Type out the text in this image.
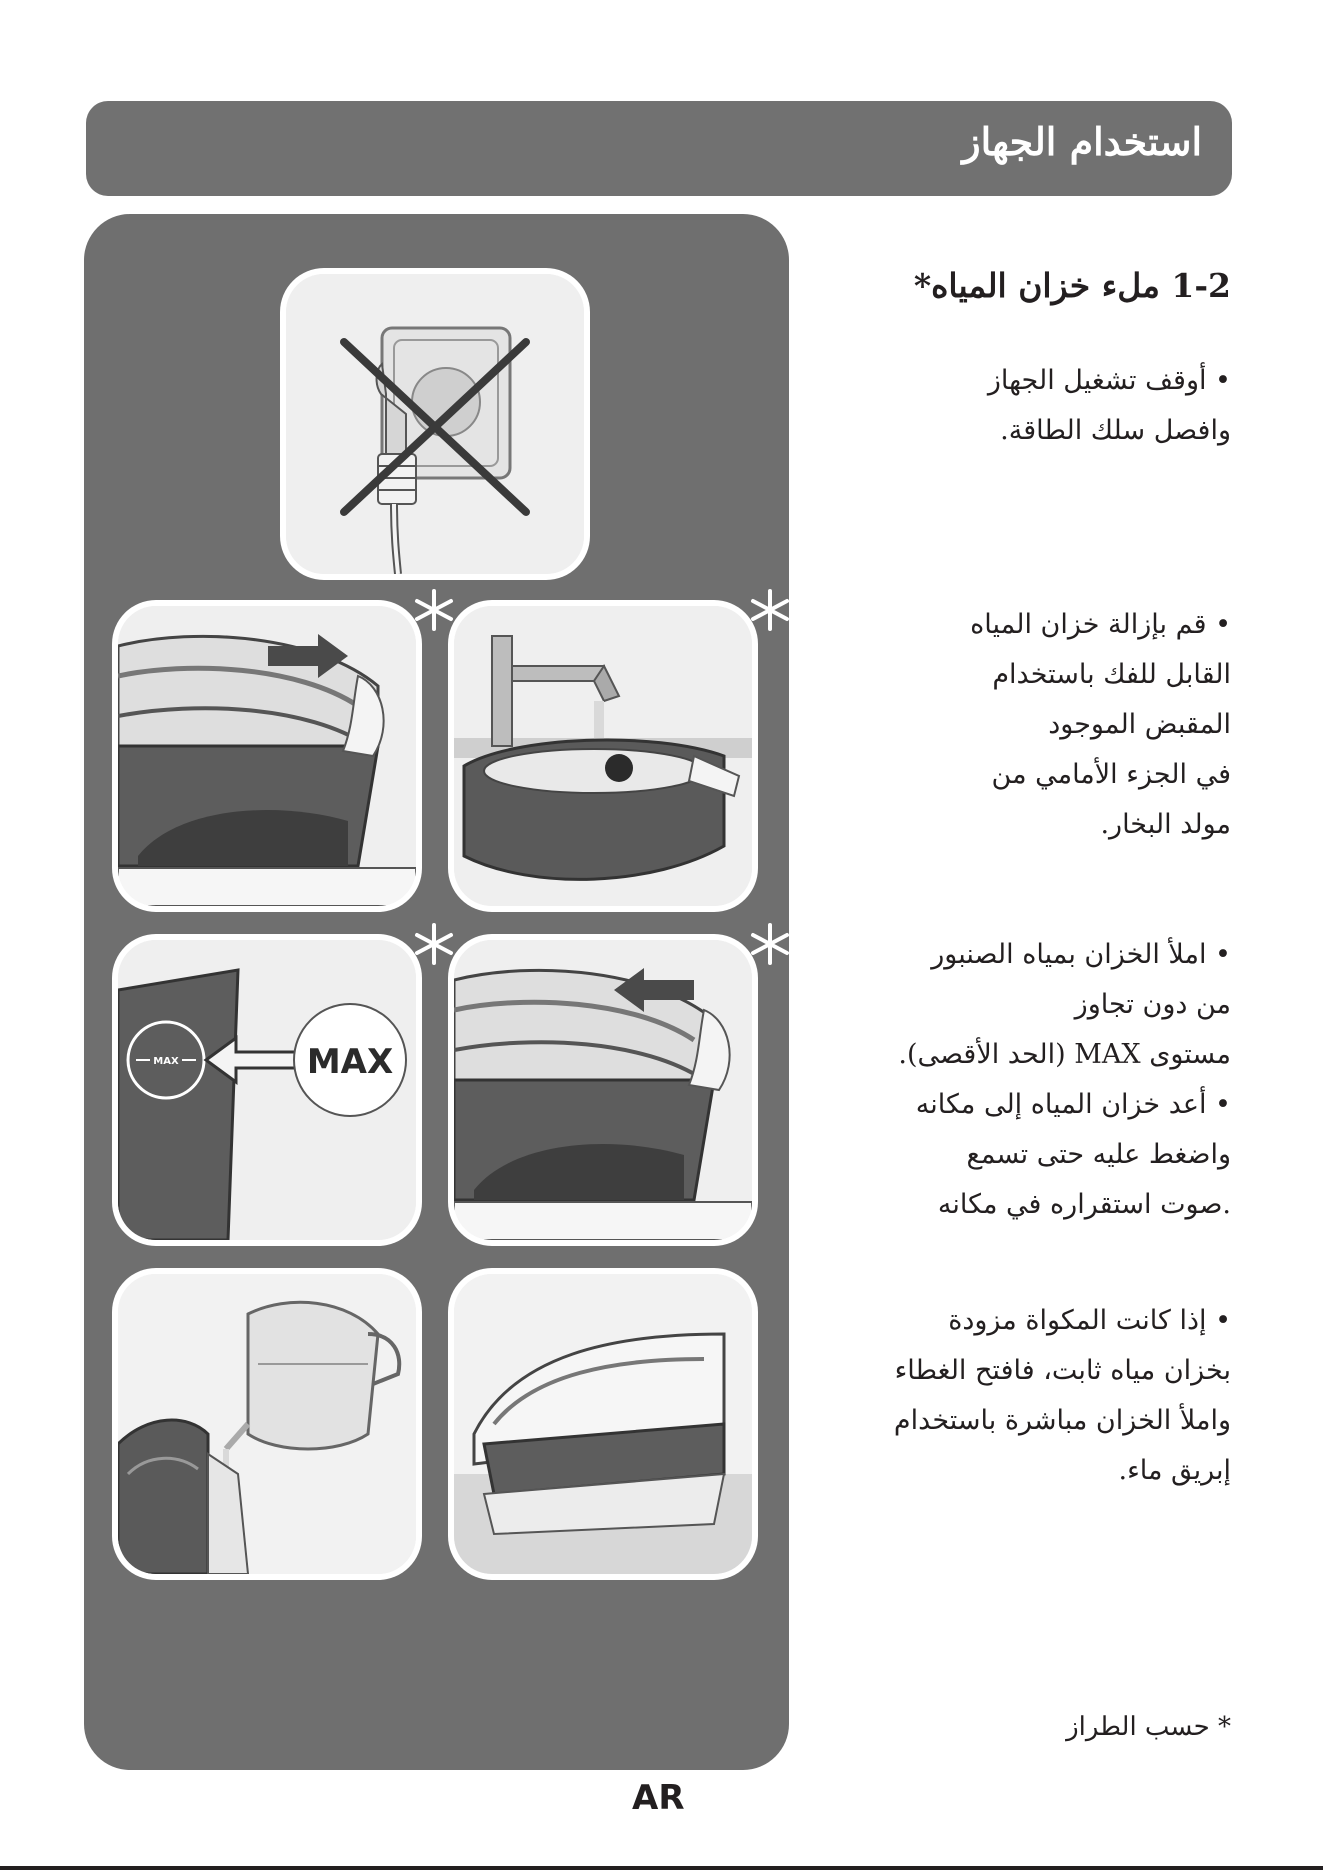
استخدام الجهاز
MAX	MAX
1-2 ملء خزان المياه*
• أوقف تشغيل الجهاز
وافصل سلك الطاقة.
• قم بإزالة خزان المياه
القابل للفك باستخدام
المقبض الموجود
في الجزء الأمامي من
مولد البخار.
• املأ الخزان بمياه الصنبور
من دون تجاوز
مستوى MAX (الحد الأقصى).
• أعد خزان المياه إلى مكانه
واضغط عليه حتى تسمع
.صوت استقراره في مكانه
• إذا كانت المكواة مزودة
بخزان مياه ثابت، فافتح الغطاء
واملأ الخزان مباشرة باستخدام
إبريق ماء.
* حسب الطراز
AR
